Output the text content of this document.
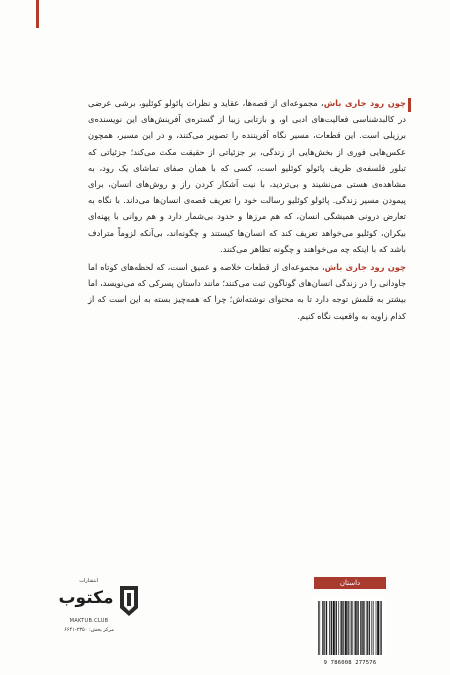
چون رود جاری باش، مجموعه‌ای از قصه‌ها، عقاید و نظرات پائولو کوئلیو، برشی عرضی در کالبدشناسی فعالیت‌های ادبی او، و بازتابی زیبا از گستره‌ی آفرینش‌های این نویسنده‌ی برزیلی است. این قطعات، مسیر نگاه آفریننده را تصویر می‌کنند، و در این مسیر، همچون عکس‌هایی فوری از بخش‌هایی از زندگی، بر جزئیاتی از حقیقت مکث می‌کند؛ جزئیاتی که تبلور فلسفه‌ی ظریف پائولو کوئلیو است، کسی که با همان صفای تماشای یک رود، به مشاهده‌ی هستی می‌نشیند و بی‌تردید، با نیت آشکار کردن راز و روش‌های انسان، برای پیمودن مسیر زندگی. پائولو کوئلیو رسالت خود را تعریف قصه‌ی انسان‌ها می‌داند. با نگاه به تعارض درونی همیشگی انسان، که هم مرزها و حدود بی‌شمار دارد و هم روانی با پهنه‌ای بیکران، کوئلیو می‌خواهد تعریف کند که انسان‌ها کیستند و چگونه‌اند، بی‌آنکه لزوماً مترادف باشد که با اینکه چه می‌خواهند و چگونه تظاهر می‌کنند.

چون رود جاری باش، مجموعه‌ای از قطعات خلاصه و عمیق است، که لحظه‌های کوتاه اما جاودانی را در زندگی انسان‌های گوناگون ثبت می‌کنند؛ مانند داستان پسرکی که می‌نویسد، اما بیشتر به قلمش توجه دارد تا به محتوای نوشته‌اش؛ چرا که همه‌چیز بسته به این است که از کدام زاویه به واقعیت نگاه کنیم.

انتشارات
مکتوب
MAKTUB.CLUB
مرکز پخش: ۲۳۵۰-۶۶۴۱
داستان
9 786008 277576
